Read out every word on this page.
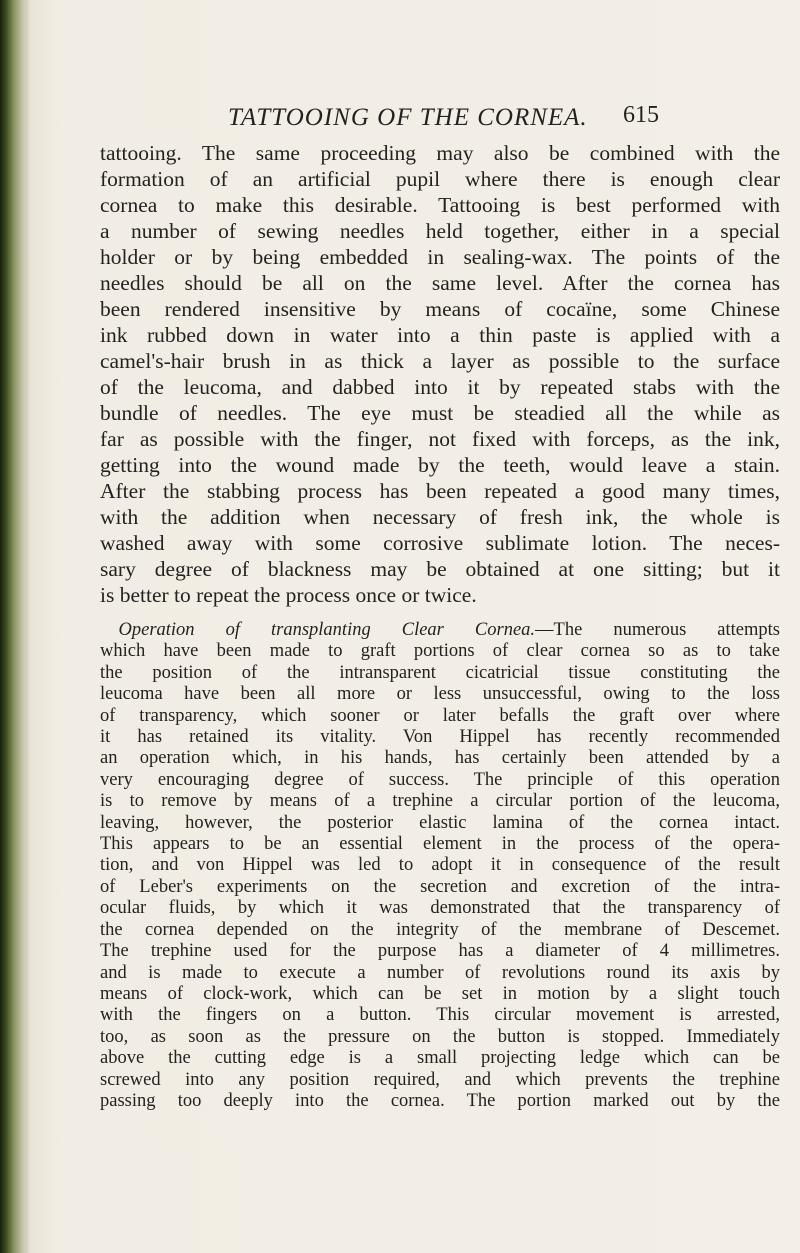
TATTOOING OF THE CORNEA. 615

tattooing. The same proceeding may also be combined with the
formation of an artificial pupil where there is enough clear
cornea to make this desirable. Tattooing is best performed with
a number of sewing needles held together, either in a special
holder or by being embedded in sealing-wax. The points of the
needles should be all on the same level. After the cornea has
been rendered insensitive by means of cocaïne, some Chinese
ink rubbed down in water into a thin paste is applied with a
camel's-hair brush in as thick a layer as possible to the surface
of the leucoma, and dabbed into it by repeated stabs with the
bundle of needles. The eye must be steadied all the while as
far as possible with the finger, not fixed with forceps, as the ink,
getting into the wound made by the teeth, would leave a stain.
After the stabbing process has been repeated a good many times,
with the addition when necessary of fresh ink, the whole is
washed away with some corrosive sublimate lotion. The neces-
sary degree of blackness may be obtained at one sitting; but it
is better to repeat the process once or twice.

 Operation of transplanting Clear Cornea.—The numerous attempts
which have been made to graft portions of clear cornea so as to take
the position of the intransparent cicatricial tissue constituting the
leucoma have been all more or less unsuccessful, owing to the loss
of transparency, which sooner or later befalls the graft over where
it has retained its vitality. Von Hippel has recently recommended
an operation which, in his hands, has certainly been attended by a
very encouraging degree of success. The principle of this operation
is to remove by means of a trephine a circular portion of the leucoma,
leaving, however, the posterior elastic lamina of the cornea intact.
This appears to be an essential element in the process of the opera-
tion, and von Hippel was led to adopt it in consequence of the result
of Leber's experiments on the secretion and excretion of the intra-
ocular fluids, by which it was demonstrated that the transparency of
the cornea depended on the integrity of the membrane of Descemet.
The trephine used for the purpose has a diameter of 4 millimetres.
and is made to execute a number of revolutions round its axis by
means of clock-work, which can be set in motion by a slight touch
with the fingers on a button. This circular movement is arrested,
too, as soon as the pressure on the button is stopped. Immediately
above the cutting edge is a small projecting ledge which can be
screwed into any position required, and which prevents the trephine
passing too deeply into the cornea. The portion marked out by the
